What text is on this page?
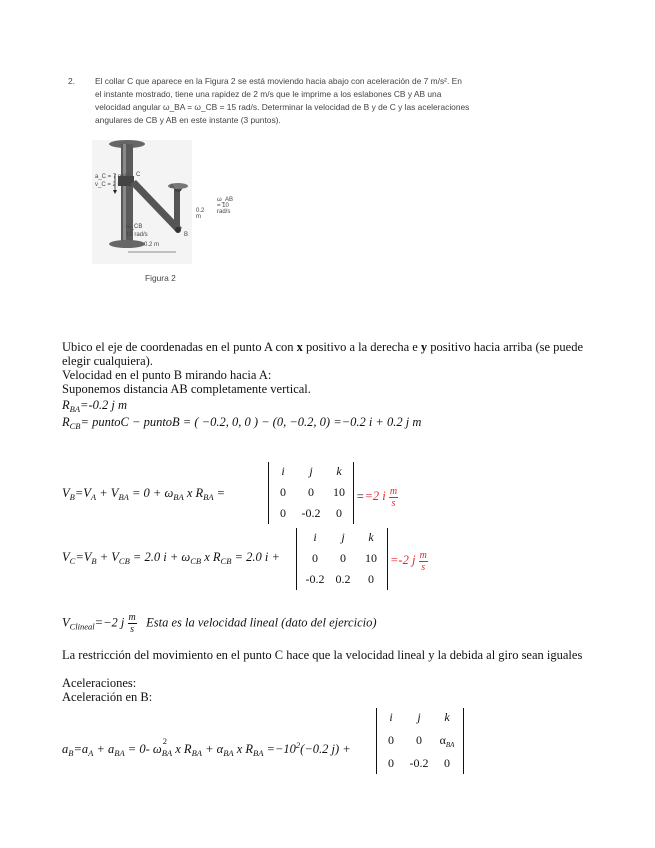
2. El collar C que aparece en la Figura 2 se está moviendo hacia abajo con aceleración de 7 m/s². En
el instante mostrado, tiene una rapidez de 2 m/s que le imprime a los eslabones CB y AB una
velocidad angular ω_BA = ω_CB = 15 rad/s. Determinar la velocidad de B y de C y las aceleraciones
angulares de CB y AB en este instante (3 puntos).
a_C = 7 m/s²
v_C = 2 m/s
C
A
ω_AB = 10 rad/s
0.2 m
ω_CB
10 rad/s	B
0.2 m
Figura 2
Ubico el eje de coordenadas en el punto A con x positivo a la derecha e y positivo hacia arriba (se puede
elegir cualquiera).
Velocidad en el punto B mirando hacia A:
Suponemos distancia AB completamente vertical.
$R_{BA}=-0.2$ j m
$R_{CB}=$ puntoC − puntoB = ( −0.2, 0, 0 ) − (0, −0.2, 0) =−0.2 i + 0.2 j m
$V_B=V_A + V_{BA} = 0 + \omega_{BA}$ x $R_{BA}$ =
i	j	k
0	0	10
0	-0.2	0
==2 i $\frac{m}{s}$
$V_C=V_B + V_{CB} = 2.0$ $i + \omega_{CB}$ x $R_{CB} = 2.0$ i +
i	j	k
0	0	10
-0.2 0.2	0
=-2 j $\frac{m}{s}$
$V_{Clineal}=-2$ j $\frac{m}{s}$ Esta es la velocidad lineal (dato del ejercicio)
La restricción del movimiento en el punto C hace que la velocidad lineal y la debida al giro sean iguales
Aceleraciones:
Aceleración en B:
$a_B=a_A + a_{BA} = 0-$ $\omega_{BA}$
2
x $R_{BA} + \alpha_{BA}$ x $R_{BA} =-10^2(-0.2$ j) +
i	j	k
0	0	$\alpha_{BA}$
0	-0.2	0
